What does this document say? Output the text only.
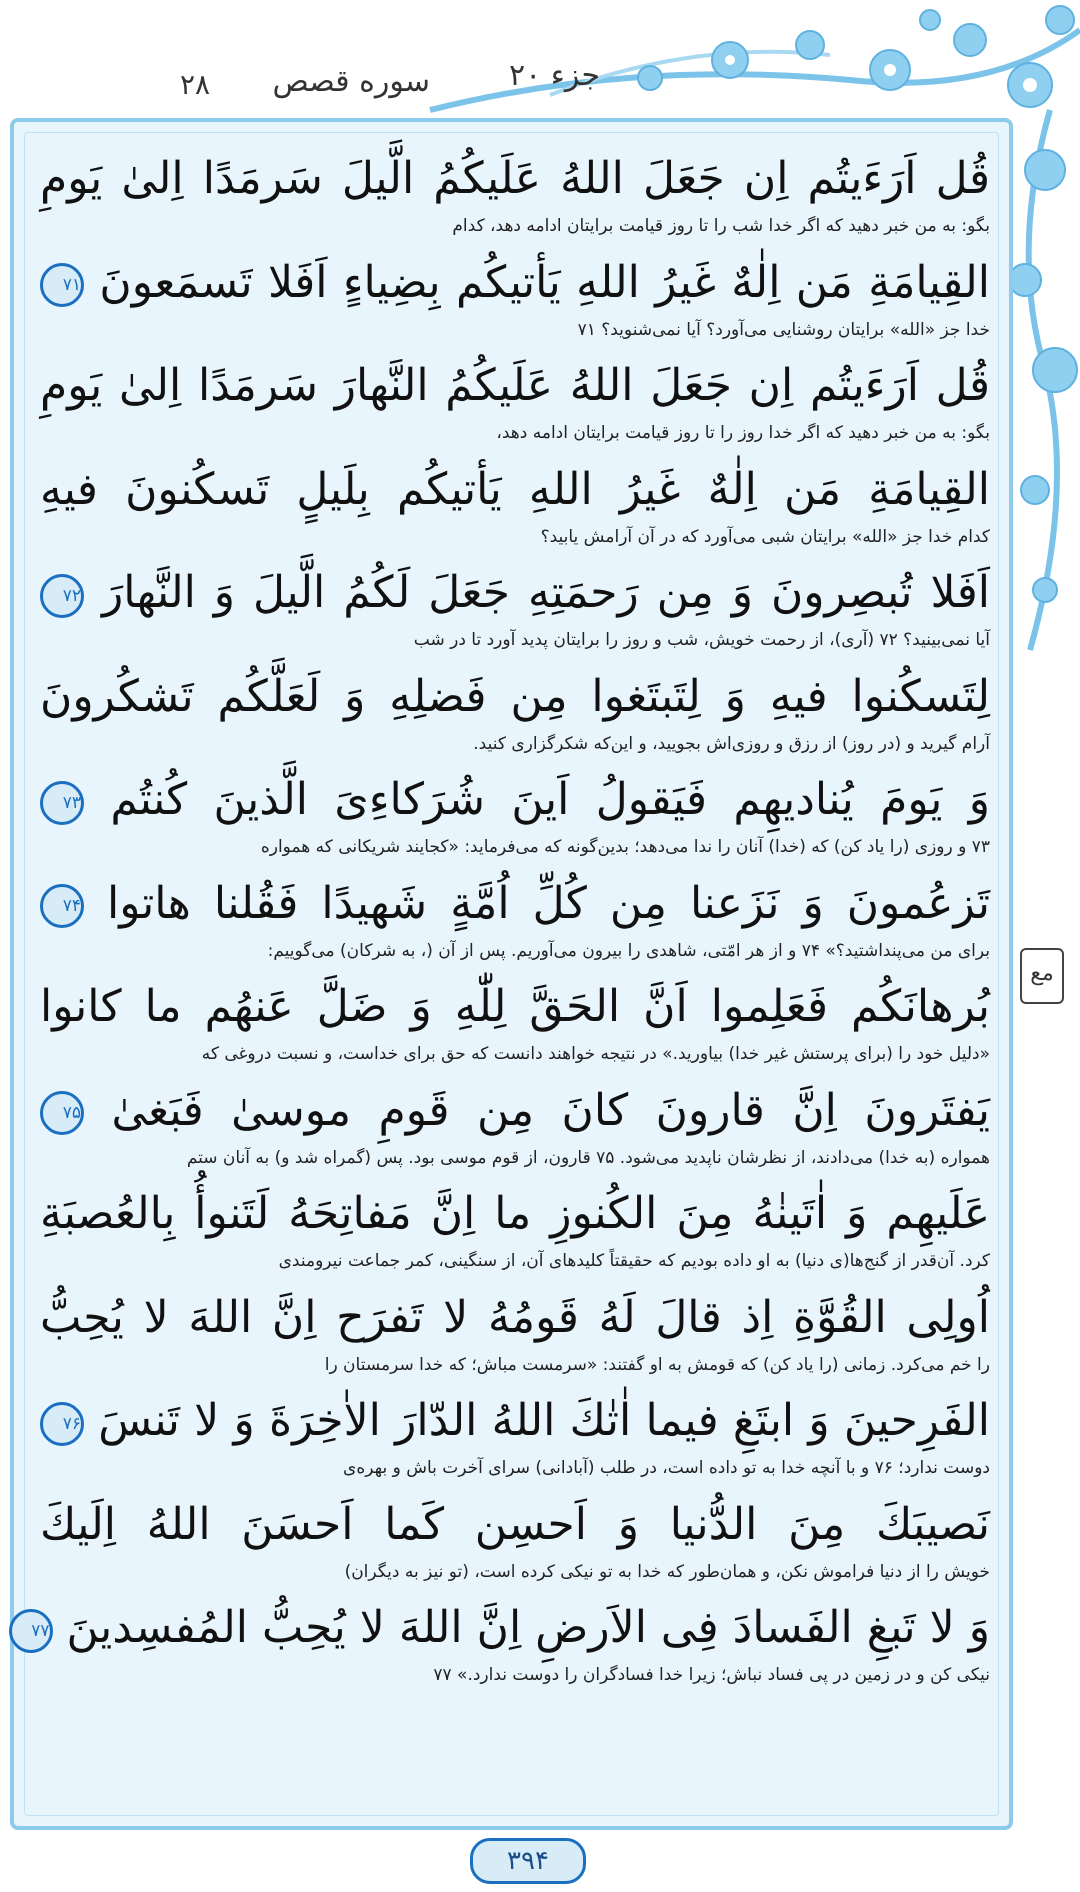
جزء ۲۰
سوره قصص
۲۸
قُل اَرَءَيتُم اِن جَعَلَ اللهُ عَلَيكُمُ الَّيلَ سَرمَدًا اِلىٰ يَومِ
بگو: به من خبر دهید که اگر خدا شب را تا روز قیامت برایتان ادامه دهد، کدام
القِيامَةِ مَن اِلٰهٌ غَيرُ اللهِ يَأتيكُم بِضِياءٍ اَفَلا تَسمَعونَ ۷۱
خدا جز «الله» برایتان روشنایی می‌آورد؟ آیا نمی‌شنوید؟ ۷۱
قُل اَرَءَيتُم اِن جَعَلَ اللهُ عَلَيكُمُ النَّهارَ سَرمَدًا اِلىٰ يَومِ
بگو: به من خبر دهید که اگر خدا روز را تا روز قیامت برایتان ادامه دهد،
القِيامَةِ مَن اِلٰهٌ غَيرُ اللهِ يَأتيكُم بِلَيلٍ تَسكُنونَ فيهِ
کدام خدا جز «الله» برایتان شبی می‌آورد که در آن آرامش یابید؟
اَفَلا تُبصِرونَ وَ مِن رَحمَتِهِ جَعَلَ لَكُمُ الَّيلَ وَ النَّهارَ ۷۲
آیا نمی‌بینید؟ ۷۲ (آری)، از رحمت خویش، شب و روز را برایتان پدید آورد تا در شب
لِتَسكُنوا فيهِ وَ لِتَبتَغوا مِن فَضلِهِ وَ لَعَلَّكُم تَشكُرونَ
آرام گیرید و (در روز) از رزق و روزی‌اش بجویید، و این‌که شکرگزاری کنید.
وَ يَومَ يُناديهِم فَيَقولُ اَينَ شُرَكاءِىَ الَّذينَ كُنتُم ۷۳
۷۳ و روزی (را یاد کن) که (خدا) آنان را ندا می‌دهد؛ بدین‌گونه که می‌فرماید: «کجایند شریکانی که همواره
تَزعُمونَ وَ نَزَعنا مِن كُلِّ اُمَّةٍ شَهيدًا فَقُلنا هاتوا ۷۴
برای من می‌پنداشتید؟» ۷۴ و از هر امّتی، شاهدی را بیرون می‌آوریم. پس از آن (، به شرکان) می‌گوییم:
بُرهانَكُم فَعَلِموا اَنَّ الحَقَّ لِلّٰهِ وَ ضَلَّ عَنهُم ما كانوا
«دلیل خود را (برای پرستش غیر خدا) بیاورید.» در نتیجه خواهند دانست که حق برای خداست، و نسبت دروغی که
يَفتَرونَ اِنَّ قارونَ كانَ مِن قَومِ موسىٰ فَبَغىٰ ۷۵
همواره (به خدا) می‌دادند، از نظرشان ناپدید می‌شود. ۷۵ قارون، از قوم موسی بود. پس (گمراه شد و) به آنان ستم
عَلَيهِم وَ اٰتَينٰهُ مِنَ الكُنوزِ ما اِنَّ مَفاتِحَهُ لَتَنوأُ بِالعُصبَةِ
کرد. آن‌قدر از گنج‌ها(ی دنیا) به او داده بودیم که حقیقتاً کلیدهای آن، از سنگینی، کمر جماعت نیرومندی
اُولِى القُوَّةِ اِذ قالَ لَهُ قَومُهُ لا تَفرَح اِنَّ اللهَ لا يُحِبُّ
را خم می‌کرد. زمانی (را یاد کن) که قومش به او گفتند: «سرمست مباش؛ که خدا سرمستان را
الفَرِحينَ وَ ابتَغِ فيما اٰتٰكَ اللهُ الدّارَ الاٰخِرَةَ وَ لا تَنسَ ۷۶
دوست ندارد؛ ۷۶ و با آنچه خدا به تو داده است، در طلب (آبادانی) سرای آخرت باش و بهره‌ی
نَصيبَكَ مِنَ الدُّنيا وَ اَحسِن كَما اَحسَنَ اللهُ اِلَيكَ
خویش را از دنیا فراموش نکن، و همان‌طور که خدا به تو نیکی کرده است، (تو نیز به دیگران)
وَ لا تَبغِ الفَسادَ فِى الاَرضِ اِنَّ اللهَ لا يُحِبُّ المُفسِدينَ ۷۷
نیکی کن و در زمین در پی فساد نباش؛ زیرا خدا فسادگران را دوست ندارد.» ۷۷
مع
۳۹۴
